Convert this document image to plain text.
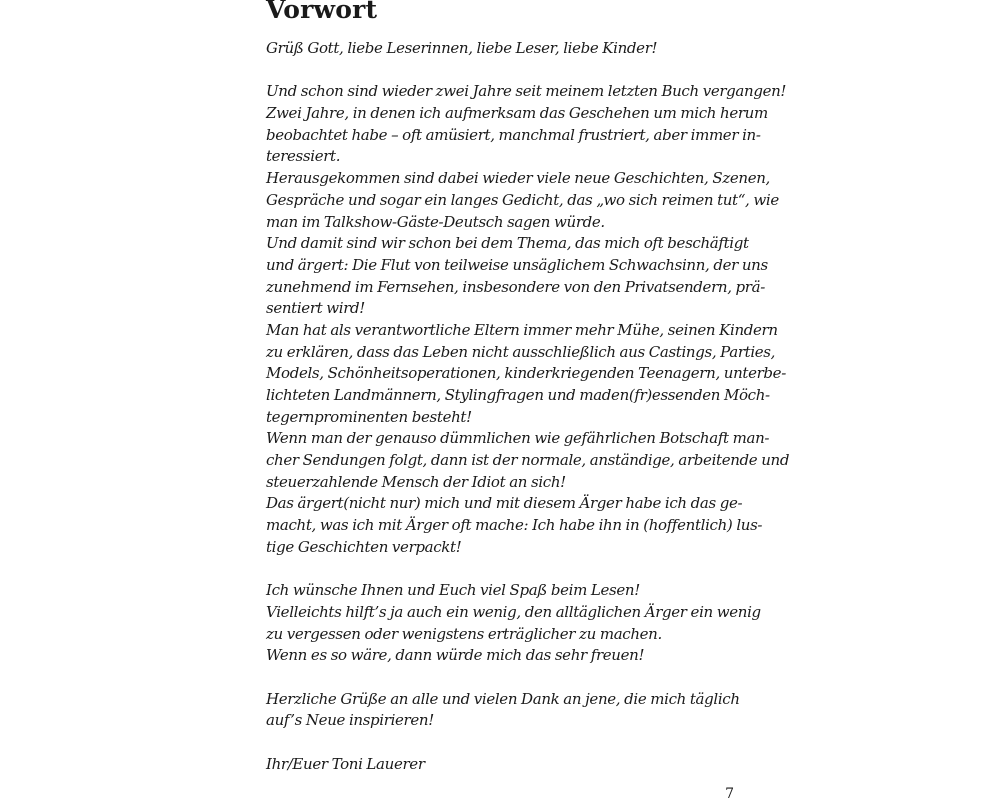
Vorwort
Grüß Gott, liebe Leserinnen, liebe Leser, liebe Kinder!
Und schon sind wieder zwei Jahre seit meinem letzten Buch vergangen!
Zwei Jahre, in denen ich aufmerksam das Geschehen um mich herum
beobachtet habe – oft amüsiert, manchmal frustriert, aber immer in-
teressiert.
Herausgekommen sind dabei wieder viele neue Geschichten, Szenen,
Gespräche und sogar ein langes Gedicht, das „wo sich reimen tut“, wie
man im Talkshow-Gäste-Deutsch sagen würde.
Und damit sind wir schon bei dem Thema, das mich oft beschäftigt
und ärgert: Die Flut von teilweise unsäglichem Schwachsinn, der uns
zunehmend im Fernsehen, insbesondere von den Privatsendern, prä-
sentiert wird!
Man hat als verantwortliche Eltern immer mehr Mühe, seinen Kindern
zu erklären, dass das Leben nicht ausschließlich aus Castings, Parties,
Models, Schönheitsoperationen, kinderkriegenden Teenagern, unterbe-
lichteten Landmännern, Stylingfragen und maden(fr)essenden Möch-
tegernprominenten besteht!
Wenn man der genauso dümmlichen wie gefährlichen Botschaft man-
cher Sendungen folgt, dann ist der normale, anständige, arbeitende und
steuerzahlende Mensch der Idiot an sich!
Das ärgert(nicht nur) mich und mit diesem Ärger habe ich das ge-
macht, was ich mit Ärger oft mache: Ich habe ihn in (hoffentlich) lus-
tige Geschichten verpackt!
Ich wünsche Ihnen und Euch viel Spaß beim Lesen!
Vielleichts hilft’s ja auch ein wenig, den alltäglichen Ärger ein wenig
zu vergessen oder wenigstens erträglicher zu machen.
Wenn es so wäre, dann würde mich das sehr freuen!
Herzliche Grüße an alle und vielen Dank an jene, die mich täglich
auf’s Neue inspirieren!
Ihr/Euer Toni Lauerer
7
